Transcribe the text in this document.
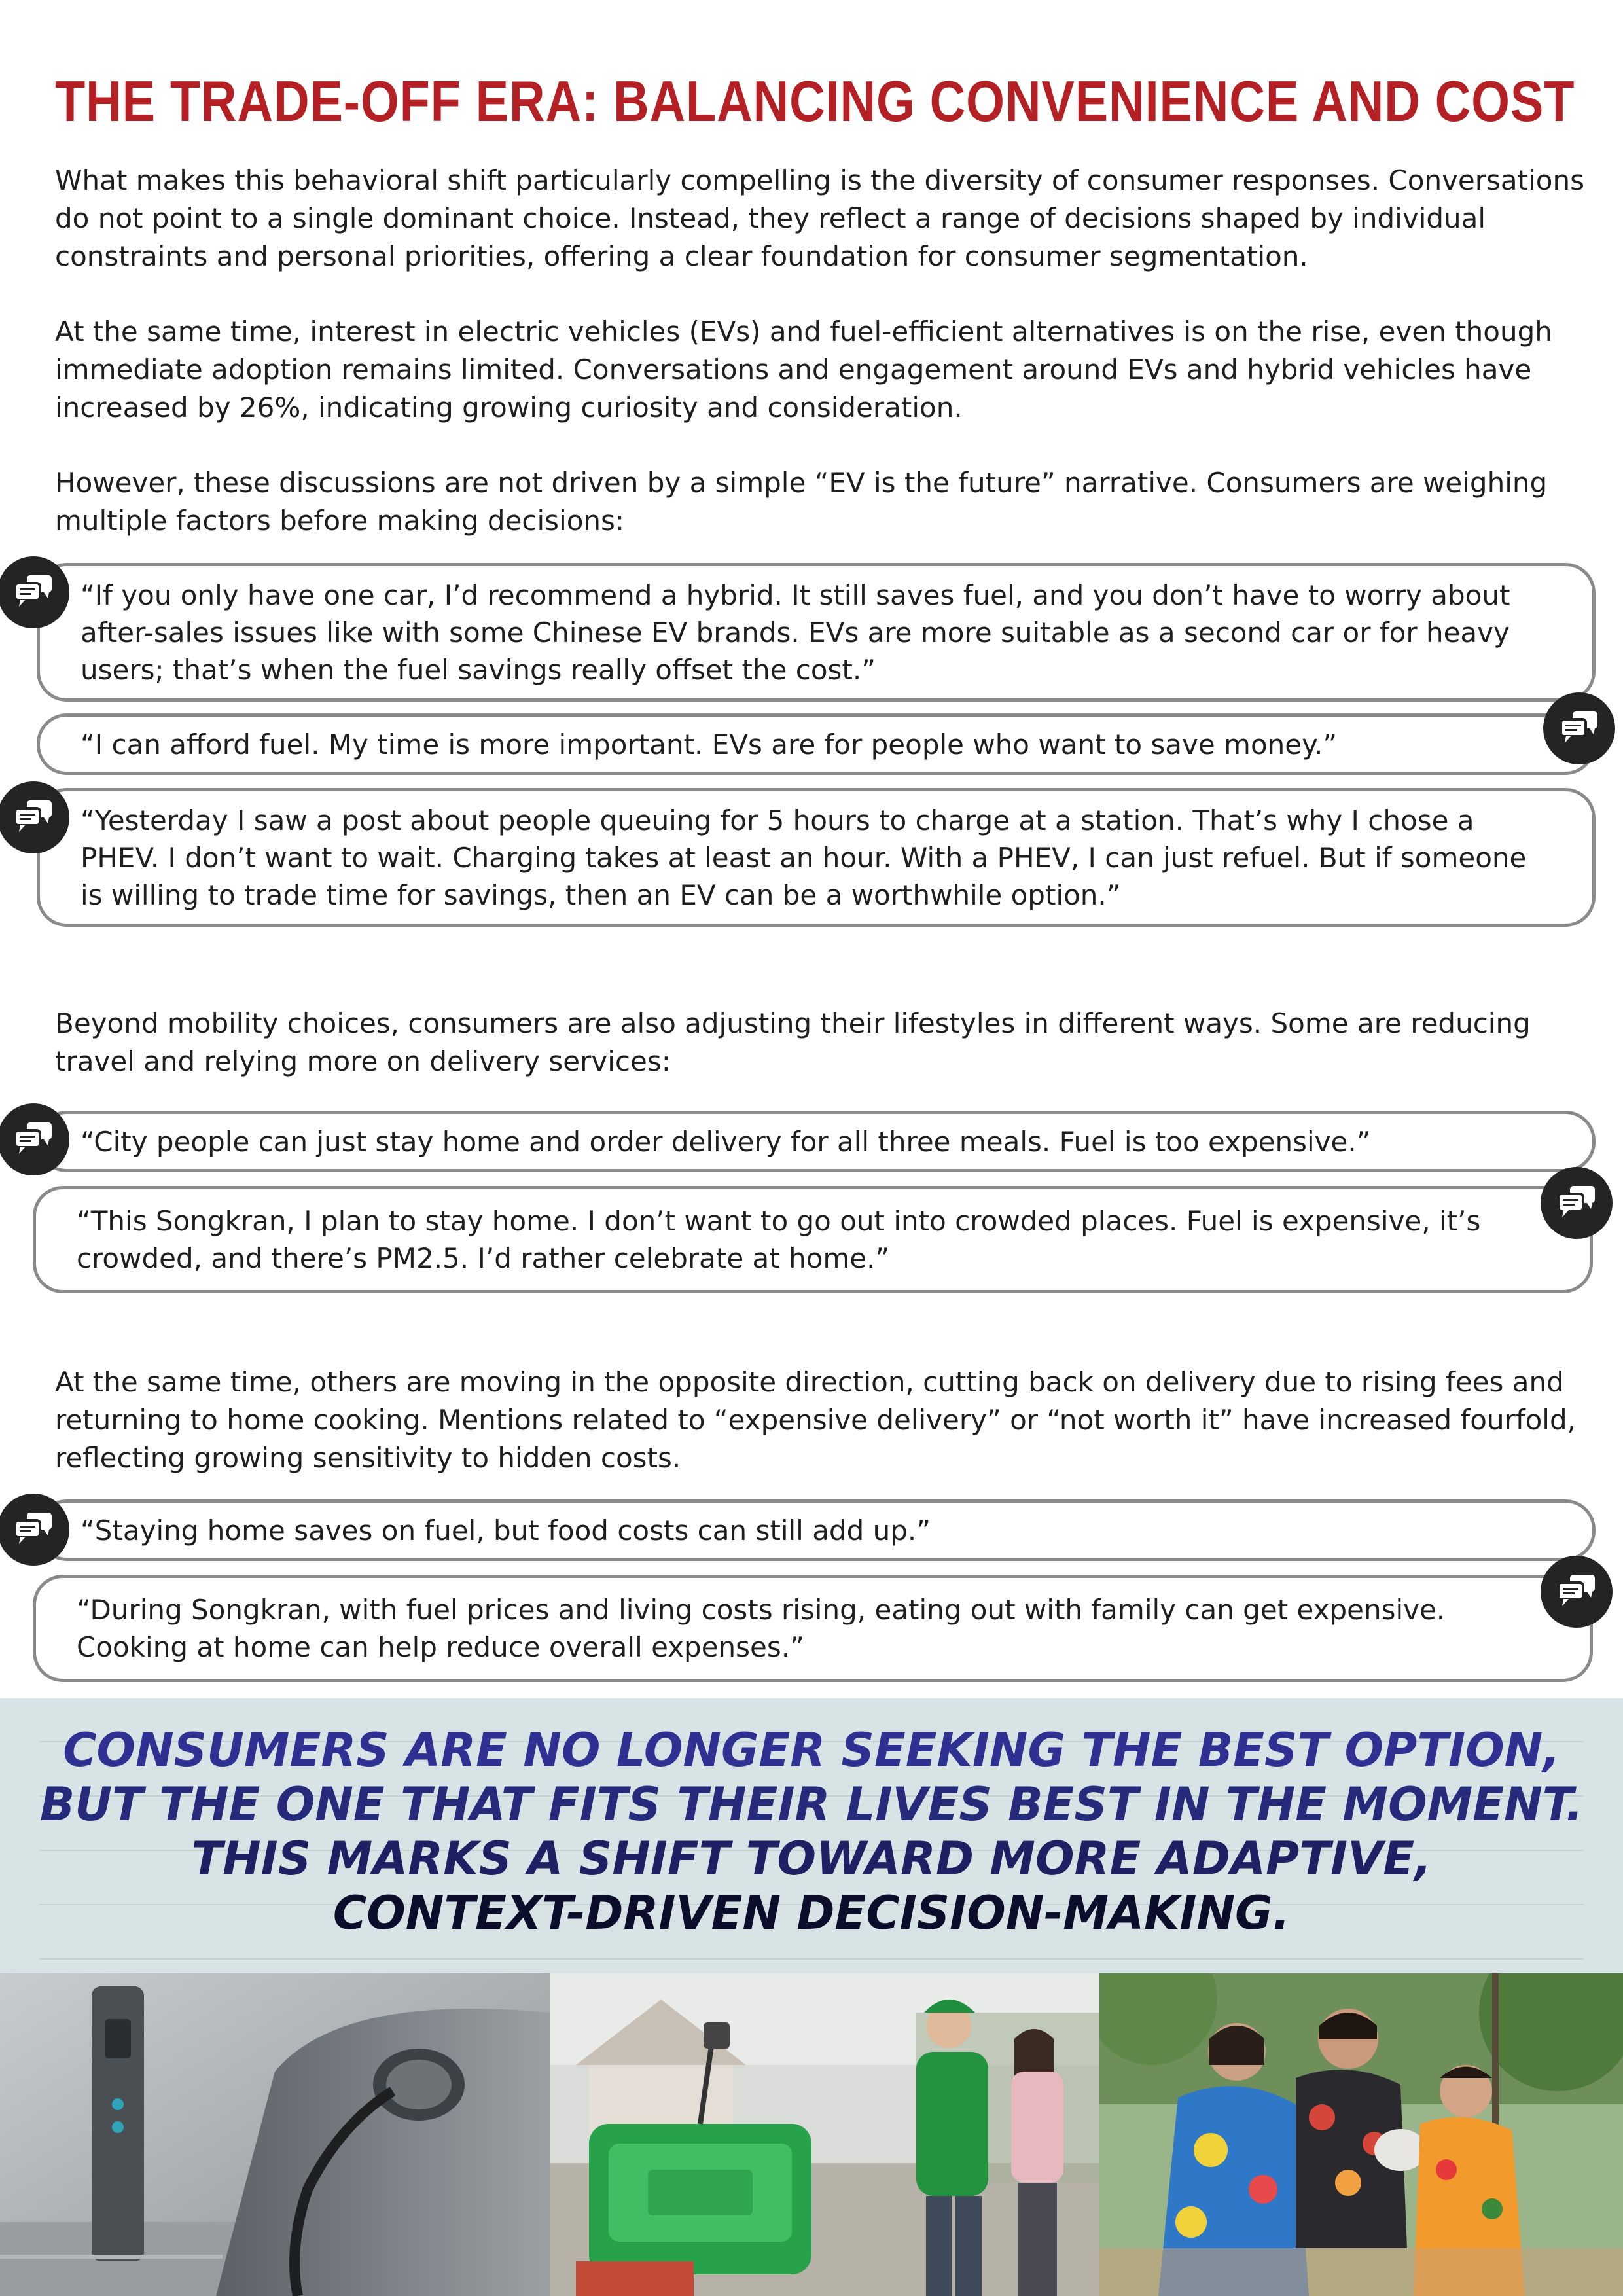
THE TRADE-OFF ERA: BALANCING CONVENIENCE AND COST
What makes this behavioral shift particularly compelling is the diversity of consumer responses. Conversations do not point to a single dominant choice. Instead, they reflect a range of decisions shaped by individual constraints and personal priorities, offering a clear foundation for consumer segmentation.
At the same time, interest in electric vehicles (EVs) and fuel-efficient alternatives is on the rise, even though immediate adoption remains limited. Conversations and engagement around EVs and hybrid vehicles have increased by 26%, indicating growing curiosity and consideration.
However, these discussions are not driven by a simple “EV is the future” narrative. Consumers are weighing multiple factors before making decisions:
“If you only have one car, I’d recommend a hybrid. It still saves fuel, and you don’t have to worry about after-sales issues like with some Chinese EV brands. EVs are more suitable as a second car or for heavy users; that’s when the fuel savings really offset the cost.”
“I can afford fuel. My time is more important. EVs are for people who want to save money.”
“Yesterday I saw a post about people queuing for 5 hours to charge at a station. That’s why I chose a PHEV. I don’t want to wait. Charging takes at least an hour. With a PHEV, I can just refuel. But if someone is willing to trade time for savings, then an EV can be a worthwhile option.”
Beyond mobility choices, consumers are also adjusting their lifestyles in different ways. Some are reducing travel and relying more on delivery services:
“City people can just stay home and order delivery for all three meals. Fuel is too expensive.”
“This Songkran, I plan to stay home. I don’t want to go out into crowded places. Fuel is expensive, it’s crowded, and there’s PM2.5. I’d rather celebrate at home.”
At the same time, others are moving in the opposite direction, cutting back on delivery due to rising fees and returning to home cooking. Mentions related to “expensive delivery” or “not worth it” have increased fourfold, reflecting growing sensitivity to hidden costs.
“Staying home saves on fuel, but food costs can still add up.”
“During Songkran, with fuel prices and living costs rising, eating out with family can get expensive. Cooking at home can help reduce overall expenses.”
CONSUMERS ARE NO LONGER SEEKING THE BEST OPTION,
BUT THE ONE THAT FITS THEIR LIVES BEST IN THE MOMENT.
THIS MARKS A SHIFT TOWARD MORE ADAPTIVE,
CONTEXT-DRIVEN DECISION-MAKING.
